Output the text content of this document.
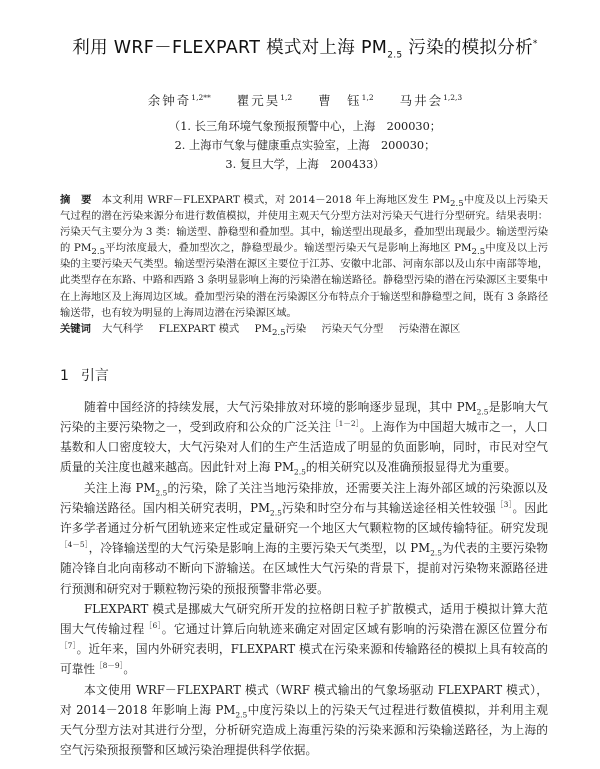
利用 WRF－FLEXPART 模式对上海 $PM_{2.5}$ 污染的模拟分析*
余钟奇$^{1,2**}$ 瞿元昊$^{1,2}$ 曹　钰$^{1,2}$ 马井会$^{1,2,3}$
（1. 长三角环境气象预报预警中心，上海　200030；
2. 上海市气象与健康重点实验室，上海　200030；
3. 复旦大学，上海　200433）
摘　要 本文利用 WRF－FLEXPART 模式，对 2014－2018 年上海地区发生 $PM_{2.5}$中度及以上污染天气过程的潜在污染来源分布进行数值模拟，并使用主观天气分型方法对污染天气进行分型研究。结果表明：污染天气主要分为 3 类：输送型、静稳型和叠加型。其中，输送型出现最多，叠加型出现最少。输送型污染的 $PM_{2.5}$平均浓度最大，叠加型次之，静稳型最少。输送型污染天气是影响上海地区 $PM_{2.5}$中度及以上污染的主要污染天气类型。输送型污染潜在源区主要位于江苏、安徽中北部、河南东部以及山东中南部等地，此类型存在东路、中路和西路 3 条明显影响上海的污染潜在输送路径。静稳型污染的潜在污染源区主要集中在上海地区及上海周边区域。叠加型污染的潜在污染源区分布特点介于输送型和静稳型之间，既有 3 条路径输送带，也有较为明显的上海周边潜在污染源区域。
关键词 大气科学 FLEXPART 模式 $PM_{2.5}$污染 污染天气分型 污染潜在源区
1 引言

随着中国经济的持续发展，大气污染排放对环境的影响逐步显现，其中 $PM_{2.5}$是影响大气污染的主要污染物之一，受到政府和公众的广泛关注$^{[1-2]}$。上海作为中国超大城市之一，人口基数和人口密度较大，大气污染对人们的生产生活造成了明显的负面影响，同时，市民对空气质量的关注度也越来越高。因此针对上海 $PM_{2.5}$的相关研究以及准确预报显得尤为重要。

关注上海 $PM_{2.5}$的污染，除了关注当地污染排放，还需要关注上海外部区域的污染源以及污染输送路径。国内相关研究表明，$PM_{2.5}$污染和时空分布与其输送途径相关性较强$^{[3]}$。因此许多学者通过分析气团轨迹来定性或定量研究一个地区大气颗粒物的区域传输特征。研究发现$^{[4-5]}$，冷锋输送型的大气污染是影响上海的主要污染天气类型，以 $PM_{2.5}$为代表的主要污染物随冷锋自北向南移动不断向下游输送。在区域性大气污染的背景下，提前对污染物来源路径进行预测和研究对于颗粒物污染的预报预警非常必要。

FLEXPART 模式是挪威大气研究所开发的拉格朗日粒子扩散模式，适用于模拟计算大范围大气传输过程$^{[6]}$。它通过计算后向轨迹来确定对固定区域有影响的污染潜在源区位置分布$^{[7]}$。近年来，国内外研究表明，FLEXPART 模式在污染来源和传输路径的模拟上具有较高的可靠性$^{[8-9]}$。

本文使用 WRF－FLEXPART 模式（WRF 模式输出的气象场驱动 FLEXPART 模式），对 2014－2018 年影响上海 $PM_{2.5}$中度污染以上的污染天气过程进行数值模拟，并利用主观天气分型方法对其进行分型，分析研究造成上海重污染的污染来源和污染输送路径，为上海的空气污染预报预警和区域污染治理提供科学依据。
